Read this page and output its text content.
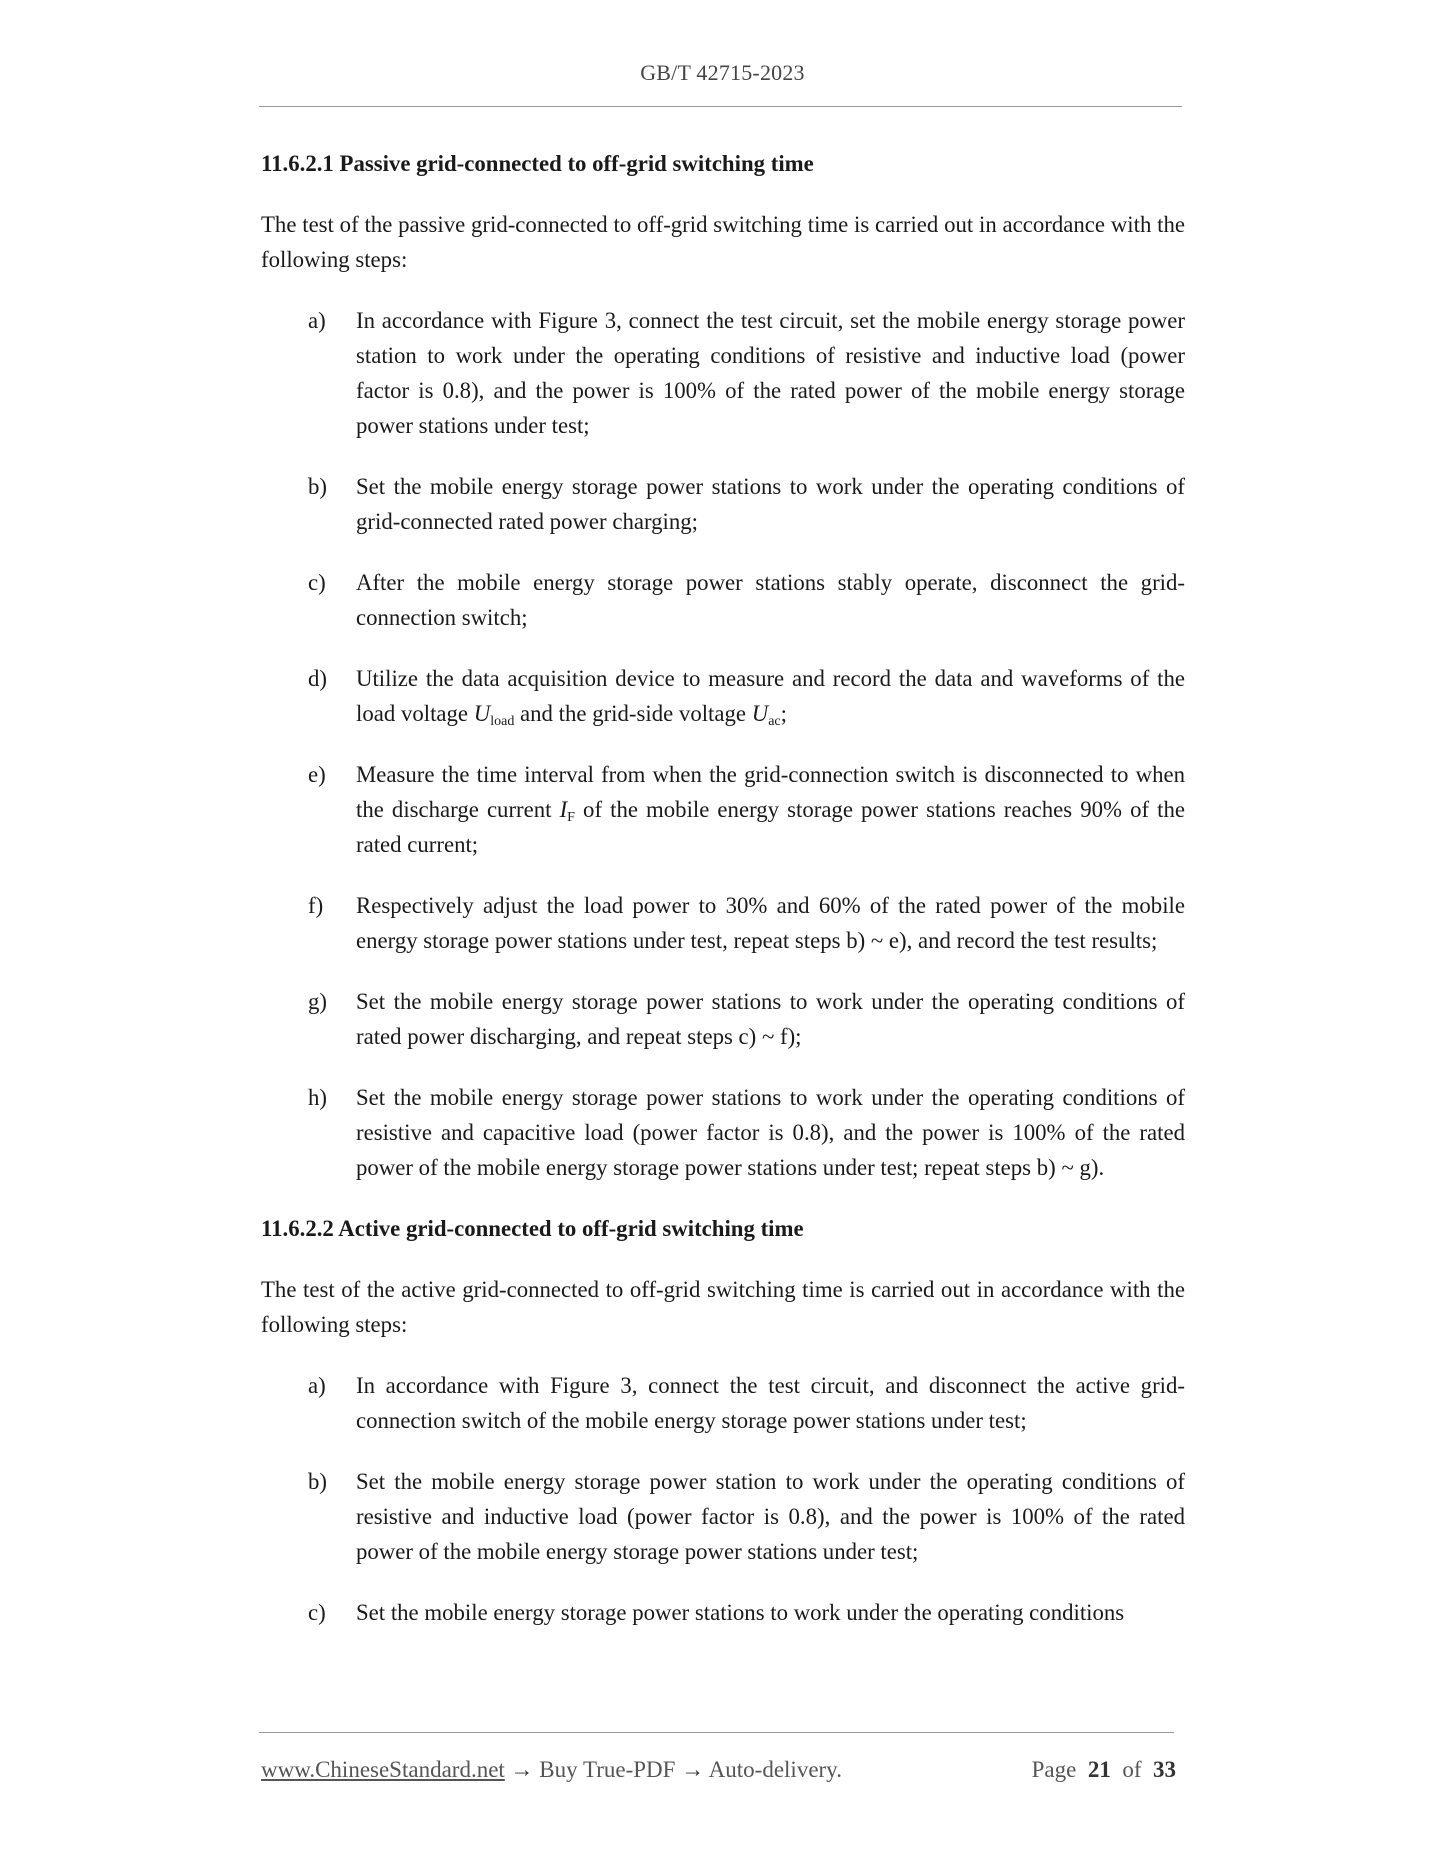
GB/T 42715-2023
11.6.2.1 Passive grid-connected to off-grid switching time

The test of the passive grid-connected to off-grid switching time is carried out in accordance with the following steps:

a) In accordance with Figure 3, connect the test circuit, set the mobile energy storage power station to work under the operating conditions of resistive and inductive load (power factor is 0.8), and the power is 100% of the rated power of the mobile energy storage power stations under test;
b) Set the mobile energy storage power stations to work under the operating conditions of grid-connected rated power charging;
c) After the mobile energy storage power stations stably operate, disconnect the grid-connection switch;
d) Utilize the data acquisition device to measure and record the data and waveforms of the load voltage $U_{load}$ and the grid-side voltage $U_{ac}$;
e) Measure the time interval from when the grid-connection switch is disconnected to when the discharge current $I_F$ of the mobile energy storage power stations reaches 90% of the rated current;
f) Respectively adjust the load power to 30% and 60% of the rated power of the mobile energy storage power stations under test, repeat steps b) ~ e), and record the test results;
g) Set the mobile energy storage power stations to work under the operating conditions of rated power discharging, and repeat steps c) ~ f);
h) Set the mobile energy storage power stations to work under the operating conditions of resistive and capacitive load (power factor is 0.8), and the power is 100% of the rated power of the mobile energy storage power stations under test; repeat steps b) ~ g).
11.6.2.2 Active grid-connected to off-grid switching time

The test of the active grid-connected to off-grid switching time is carried out in accordance with the following steps:

a) In accordance with Figure 3, connect the test circuit, and disconnect the active grid-connection switch of the mobile energy storage power stations under test;
b) Set the mobile energy storage power station to work under the operating conditions of resistive and inductive load (power factor is 0.8), and the power is 100% of the rated power of the mobile energy storage power stations under test;
c) Set the mobile energy storage power stations to work under the operating conditions
www.ChineseStandard.net → Buy True-PDF → Auto-delivery.	Page 21 of 33
